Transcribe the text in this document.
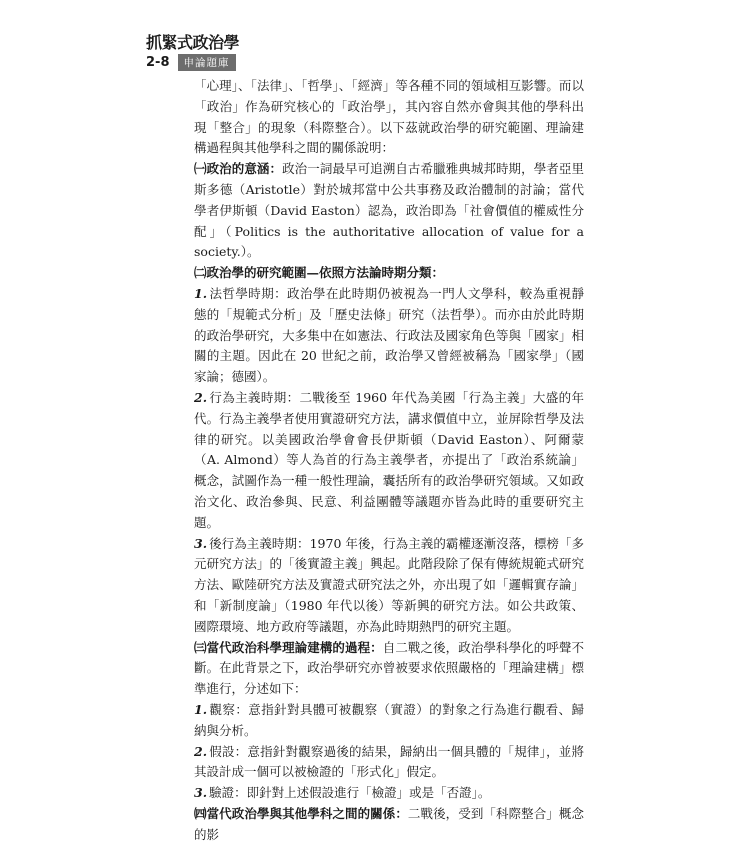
抓緊式政治學
2-8	申論題庫

「心理」、「法律」、「哲學」、「經濟」等各種不同的領域相互影響。而以「政治」作為研究核心的「政治學」，其內容自然亦會與其他的學科出現「整合」的現象（科際整合）。以下茲就政治學的研究範圍、理論建構過程與其他學科之間的關係說明：

㈠政治的意涵：政治一詞最早可追溯自古希臘雅典城邦時期，學者亞里斯多德（Aristotle）對於城邦當中公共事務及政治體制的討論；當代學者伊斯頓（David Easton）認為，政治即為「社會價值的權威性分配」（Politics is the authoritative allocation of value for a society.）。

㈡政治學的研究範圍—依照方法論時期分類：

1. 法哲學時期：政治學在此時期仍被視為一門人文學科，較為重視靜態的「規範式分析」及「歷史法條」研究（法哲學）。而亦由於此時期的政治學研究，大多集中在如憲法、行政法及國家角色等與「國家」相關的主題。因此在 20 世紀之前，政治學又曾經被稱為「國家學」（國家論；德國）。

2. 行為主義時期：二戰後至 1960 年代為美國「行為主義」大盛的年代。行為主義學者使用實證研究方法，講求價值中立，並屏除哲學及法律的研究。以美國政治學會會長伊斯頓（David Easton）、阿爾蒙（A. Almond）等人為首的行為主義學者，亦提出了「政治系統論」概念，試圖作為一種一般性理論，囊括所有的政治學研究領域。又如政治文化、政治參與、民意、利益團體等議題亦皆為此時的重要研究主題。

3. 後行為主義時期：1970 年後，行為主義的霸權逐漸沒落，標榜「多元研究方法」的「後實證主義」興起。此階段除了保有傳統規範式研究方法、歐陸研究方法及實證式研究法之外，亦出現了如「邏輯實存論」和「新制度論」（1980 年代以後）等新興的研究方法。如公共政策、國際環境、地方政府等議題，亦為此時期熱門的研究主題。

㈢當代政治科學理論建構的過程：自二戰之後，政治學科學化的呼聲不斷。在此背景之下，政治學研究亦曾被要求依照嚴格的「理論建構」標準進行，分述如下：

1. 觀察：意指針對具體可被觀察（實證）的對象之行為進行觀看、歸納與分析。

2. 假設：意指針對觀察過後的結果，歸納出一個具體的「規律」，並將其設計成一個可以被檢證的「形式化」假定。

3. 驗證：即針對上述假設進行「檢證」或是「否證」。

㈣當代政治學與其他學科之間的關係：二戰後，受到「科際整合」概念的影
